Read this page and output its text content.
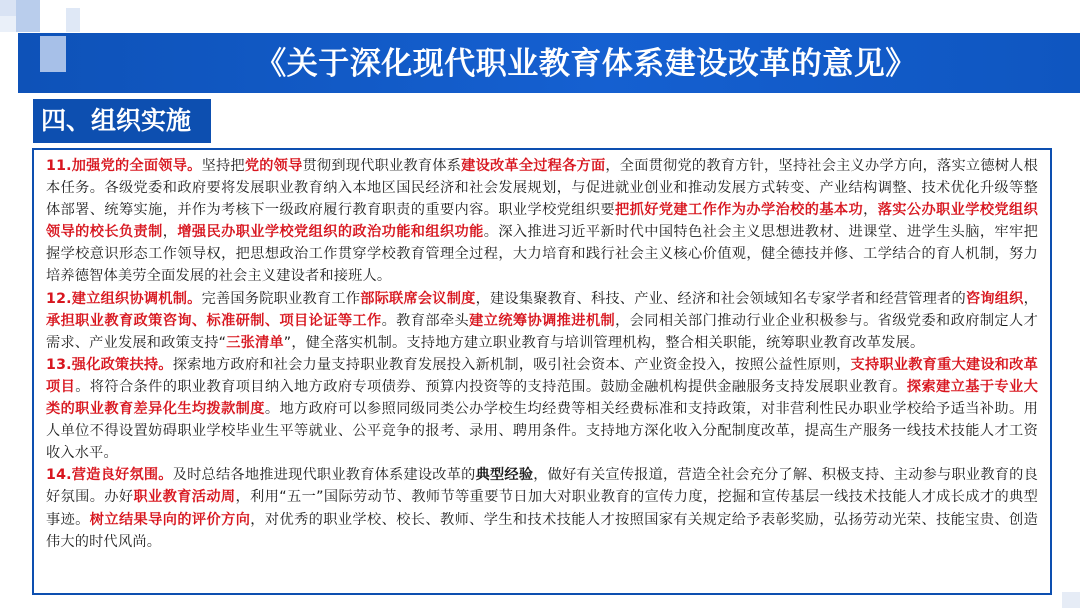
《关于深化现代职业教育体系建设改革的意见》
四、组织实施

11.加强党的全面领导。坚持把党的领导贯彻到现代职业教育体系建设改革全过程各方面，全面贯彻党的教育方针，坚持社会主义办学方向，落实立德树人根本任务。各级党委和政府要将发展职业教育纳入本地区国民经济和社会发展规划，与促进就业创业和推动发展方式转变、产业结构调整、技术优化升级等整体部署、统筹实施，并作为考核下一级政府履行教育职责的重要内容。职业学校党组织要把抓好党建工作作为办学治校的基本功，落实公办职业学校党组织领导的校长负责制，增强民办职业学校党组织的政治功能和组织功能。深入推进习近平新时代中国特色社会主义思想进教材、进课堂、进学生头脑，牢牢把握学校意识形态工作领导权，把思想政治工作贯穿学校教育管理全过程，大力培育和践行社会主义核心价值观，健全德技并修、工学结合的育人机制，努力培养德智体美劳全面发展的社会主义建设者和接班人。

12.建立组织协调机制。完善国务院职业教育工作部际联席会议制度，建设集聚教育、科技、产业、经济和社会领域知名专家学者和经营管理者的咨询组织，承担职业教育政策咨询、标准研制、项目论证等工作。教育部牵头建立统筹协调推进机制，会同相关部门推动行业企业积极参与。省级党委和政府制定人才需求、产业发展和政策支持“三张清单”，健全落实机制。支持地方建立职业教育与培训管理机构，整合相关职能，统筹职业教育改革发展。

13.强化政策扶持。探索地方政府和社会力量支持职业教育发展投入新机制，吸引社会资本、产业资金投入，按照公益性原则，支持职业教育重大建设和改革项目。将符合条件的职业教育项目纳入地方政府专项债券、预算内投资等的支持范围。鼓励金融机构提供金融服务支持发展职业教育。探索建立基于专业大类的职业教育差异化生均拨款制度。地方政府可以参照同级同类公办学校生均经费等相关经费标准和支持政策，对非营利性民办职业学校给予适当补助。用人单位不得设置妨碍职业学校毕业生平等就业、公平竞争的报考、录用、聘用条件。支持地方深化收入分配制度改革，提高生产服务一线技术技能人才工资收入水平。

14.营造良好氛围。及时总结各地推进现代职业教育体系建设改革的典型经验，做好有关宣传报道，营造全社会充分了解、积极支持、主动参与职业教育的良好氛围。办好职业教育活动周，利用“五一”国际劳动节、教师节等重要节日加大对职业教育的宣传力度，挖掘和宣传基层一线技术技能人才成长成才的典型事迹。树立结果导向的评价方向，对优秀的职业学校、校长、教师、学生和技术技能人才按照国家有关规定给予表彰奖励，弘扬劳动光荣、技能宝贵、创造伟大的时代风尚。
